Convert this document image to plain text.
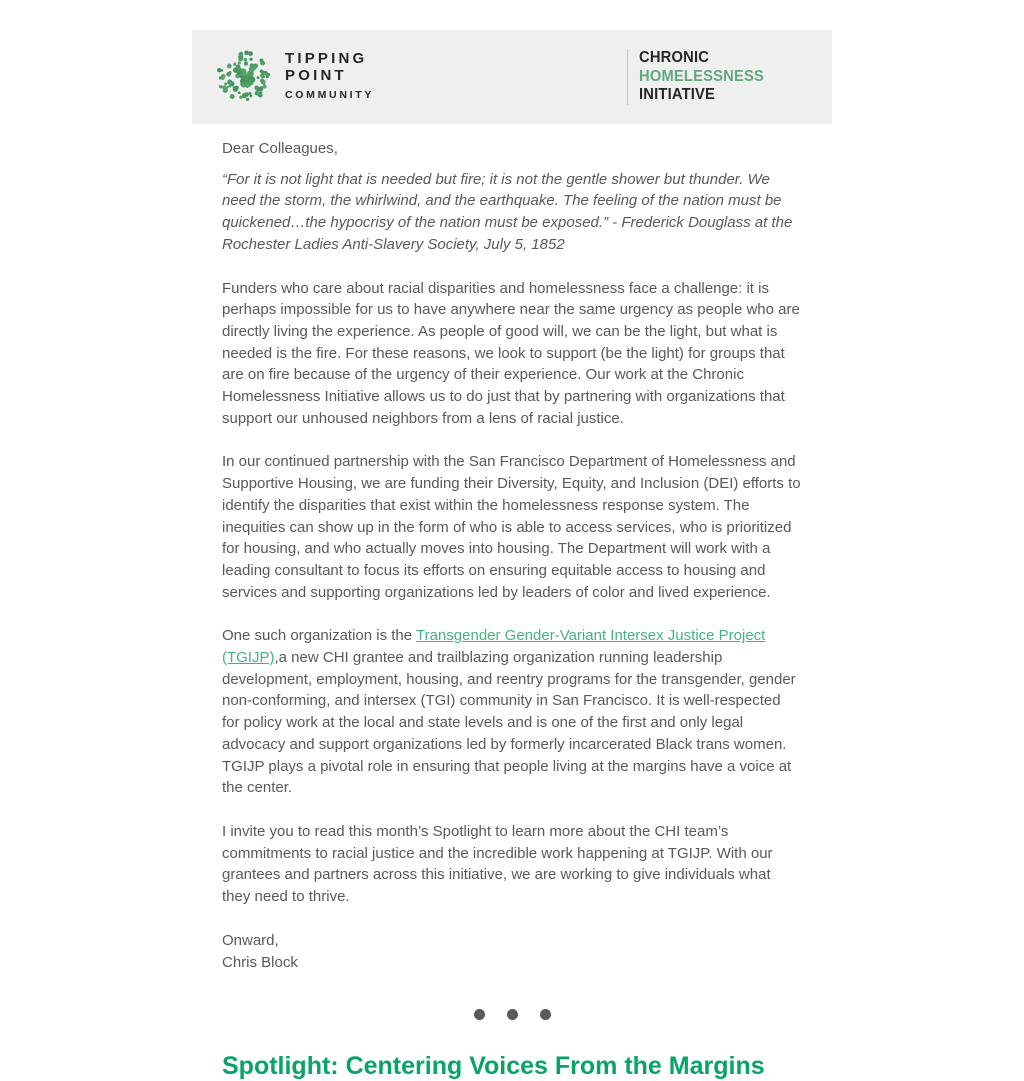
TIPPING
POINT
COMMUNITY
CHRONIC
HOMELESSNESS
INITIATIVE

Dear Colleagues,

“For it is not light that is needed but fire; it is not the gentle shower but thunder. We need the storm, the whirlwind, and the earthquake. The feeling of the nation must be quickened…the hypocrisy of the nation must be exposed.” - Frederick Douglass at the Rochester Ladies Anti-Slavery Society, July 5, 1852

Funders who care about racial disparities and homelessness face a challenge: it is perhaps impossible for us to have anywhere near the same urgency as people who are directly living the experience. As people of good will, we can be the light, but what is needed is the fire. For these reasons, we look to support (be the light) for groups that are on fire because of the urgency of their experience. Our work at the Chronic Homelessness Initiative allows us to do just that by partnering with organizations that support our unhoused neighbors from a lens of racial justice.

In our continued partnership with the San Francisco Department of Homelessness and Supportive Housing, we are funding their Diversity, Equity, and Inclusion (DEI) efforts to identify the disparities that exist within the homelessness response system. The inequities can show up in the form of who is able to access services, who is prioritized for housing, and who actually moves into housing. The Department will work with a leading consultant to focus its efforts on ensuring equitable access to housing and services and supporting organizations led by leaders of color and lived experience.

One such organization is the Transgender Gender-Variant Intersex Justice Project (TGIJP),a new CHI grantee and trailblazing organization running leadership development, employment, housing, and reentry programs for the transgender, gender non-conforming, and intersex (TGI) community in San Francisco. It is well-respected for policy work at the local and state levels and is one of the first and only legal advocacy and support organizations led by formerly incarcerated Black trans women. TGIJP plays a pivotal role in ensuring that people living at the margins have a voice at the center.

I invite you to read this month’s Spotlight to learn more about the CHI team’s commitments to racial justice and the incredible work happening at TGIJP. With our grantees and partners across this initiative, we are working to give individuals what they need to thrive.

Onward,
Chris Block

Spotlight: Centering Voices From the Margins
